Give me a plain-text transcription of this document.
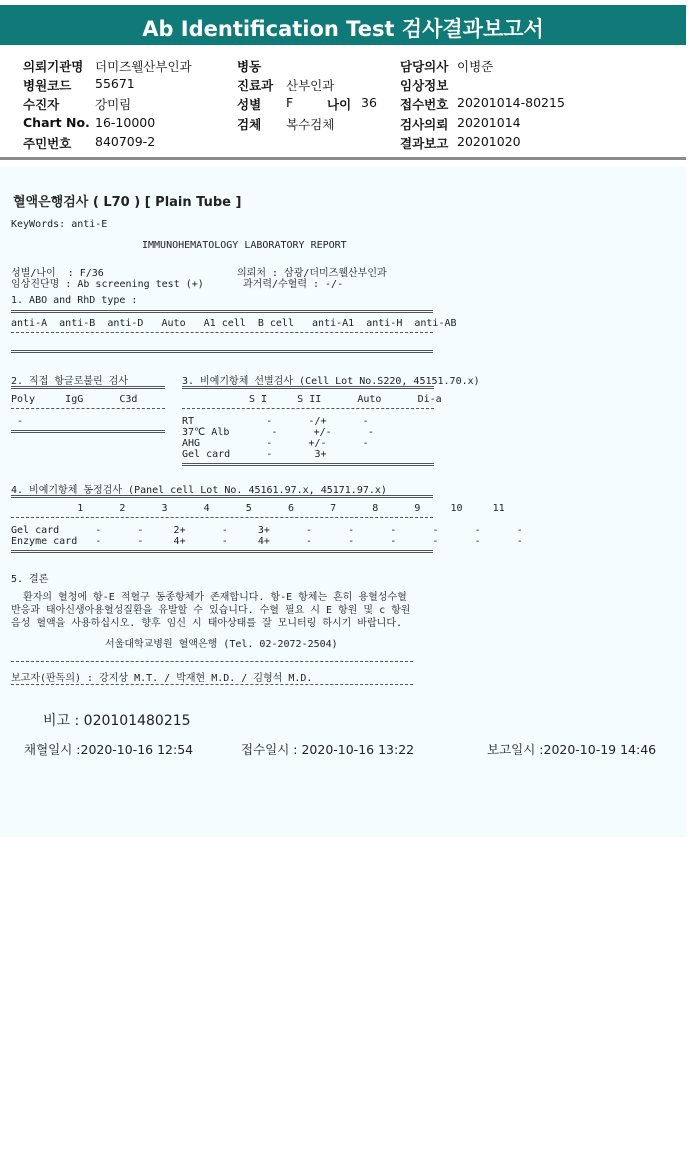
Ab Identification Test 검사결과보고서

의뢰기관명 더미즈웰산부인과
병원코드 55671
수진자	강미림
Chart No. 16-10000
주민번호 840709-2
병동
진료과 산부인과
성별 F	나이 36
검체 복수검체
담당의사 이병준
임상정보
접수번호 20201014-80215
검사의뢰 20201014
결과보고 20201020

혈액은행검사 ( L70 ) [ Plain Tube ]

KeyWords: anti-E

IMMUNOHEMATOLOGY LABORATORY REPORT

성별/나이  : F/36

	의뢰처 : 삼광/더미즈웰산부인과

임상진단명 : Ab screening test (+)

	과거력/수혈력 : -/-

1. ABO and RhD type :

anti-A  anti-B  anti-D   Auto   A1 cell  B cell   anti-A1  anti-H  anti-AB

2. 직접 항글로불린 검사

Poly     IgG      C3d

-

3. 비예기항체 선별검사 (Cell Lot No.S220, 45151.70.x)

S I     S II      Auto      Di-a

RT            -      -/+      -

37℃ Alb       -      +/-      -

AHG           -      +/-      -

Gel card      -       3+

4. 비예기항체 동정검사 (Panel cell Lot No. 45161.97.x, 45171.97.x)

1      2      3      4      5      6      7      8      9     10     11

Gel card      -      -     2+      -     3+      -      -      -      -      -      -

Enzyme card   -      -     4+      -     4+      -      -      -      -      -      -

5. 결론

환자의 혈청에 항-E 적혈구 동종항체가 존재합니다. 항-E 항체는 흔히 용혈성수혈

반응과 태아신생아용혈성질환을 유발할 수 있습니다. 수혈 필요 시 E 항원 및 c 항원

음성 혈액을 사용하십시오. 향후 임신 시 태아상태를 잘 모니터링 하시기 바랍니다.

서울대학교병원 혈액은행 (Tel. 02-2072-2504)

보고자(판독의) : 강지상 M.T. / 박재현 M.D. / 김형석 M.D.

비고 : 020101480215

채혈일시 :2020-10-16 12:54

	접수일시 : 2020-10-16 13:22

	보고일시 :2020-10-19 14:46
